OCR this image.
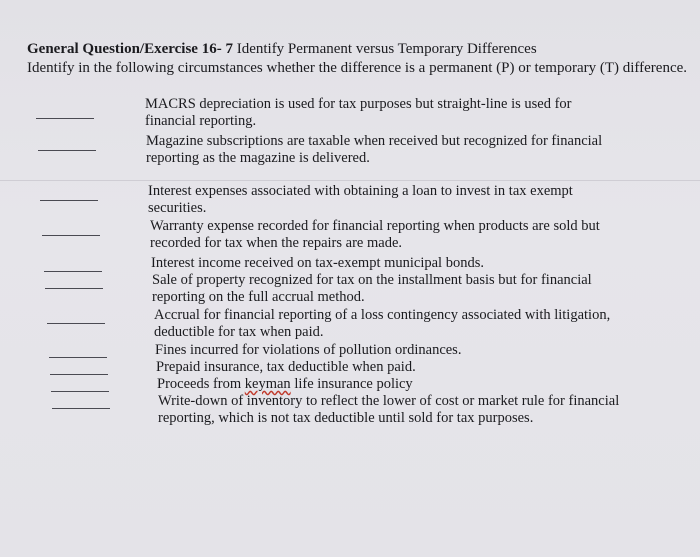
General Question/Exercise 16- 7 Identify Permanent versus Temporary Differences
Identify in the following circumstances whether the difference is a permanent (P) or temporary (T) difference.
MACRS depreciation is used for tax purposes but straight-line is used for
financial reporting.
Magazine subscriptions are taxable when received but recognized for financial
reporting as the magazine is delivered.
Interest expenses associated with obtaining a loan to invest in tax exempt
securities.
Warranty expense recorded for financial reporting when products are sold but
recorded for tax when the repairs are made.
Interest income received on tax-exempt municipal bonds.
Sale of property recognized for tax on the installment basis but for financial
reporting on the full accrual method.
Accrual for financial reporting of a loss contingency associated with litigation,
deductible for tax when paid.
Fines incurred for violations of pollution ordinances.
Prepaid insurance, tax deductible when paid.
Proceeds from keyman life insurance policy
Write-down of inventory to reflect the lower of cost or market rule for financial
reporting, which is not tax deductible until sold for tax purposes.
